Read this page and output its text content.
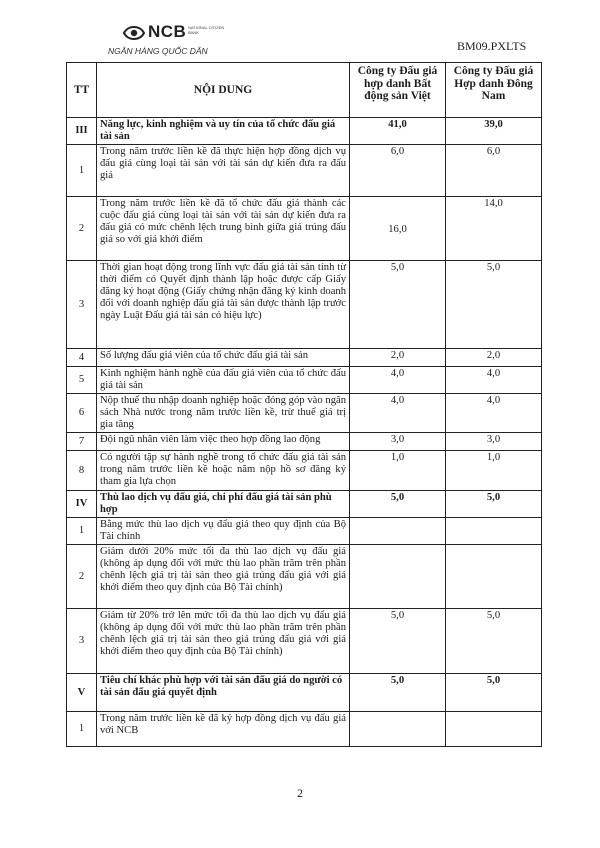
NCB NATIONAL CITIZEN BANK
NGÂN HÀNG QUỐC DÂN	BM09.PXLTS
TT	NỘI DUNG	Công ty Đấu giá hợp danh Bất động sản Việt	Công ty Đấu giá Hợp danh Đông Nam
III	Năng lực, kinh nghiệm và uy tín của tổ chức đấu giá tài sản	41,0	39,0
1	Trong năm trước liền kề đã thực hiện hợp đồng dịch vụ đấu giá cùng loại tài sản với tài sản dự kiến đưa ra đấu giá	6,0	6,0
2	Trong năm trước liền kề đã tổ chức đấu giá thành các cuộc đấu giá cùng loại tài sản với tài sản dự kiến đưa ra đấu giá có mức chênh lệch trung bình giữa giá trúng đấu giá so với giá khởi điểm	16,0	14,0
3	Thời gian hoạt động trong lĩnh vực đấu giá tài sản tính từ thời điểm có Quyết định thành lập hoặc được cấp Giấy đăng ký hoạt động (Giấy chứng nhận đăng ký kinh doanh đối với doanh nghiệp đấu giá tài sản được thành lập trước ngày Luật Đấu giá tài sản có hiệu lực)	5,0	5,0
4	Số lượng đấu giá viên của tổ chức đấu giá tài sản	2,0	2,0
5	Kinh nghiệm hành nghề của đấu giá viên của tổ chức đấu giá tài sản	4,0	4,0
6	Nộp thuế thu nhập doanh nghiệp hoặc đóng góp vào ngân sách Nhà nước trong năm trước liền kề, trừ thuế giá trị gia tăng	4,0	4,0
7	Đội ngũ nhân viên làm việc theo hợp đồng lao động	3,0	3,0
8	Có người tập sự hành nghề trong tổ chức đấu giá tài sản trong năm trước liền kề hoặc năm nộp hồ sơ đăng ký tham gia lựa chọn	1,0	1,0
IV	Thù lao dịch vụ đấu giá, chi phí đấu giá tài sản phù hợp	5,0	5,0
1	Bằng mức thù lao dịch vụ đấu giá theo quy định của Bộ Tài chính		
2	Giảm dưới 20% mức tối đa thù lao dịch vụ đấu giá (không áp dụng đối với mức thù lao phần trăm trên phần chênh lệch giá trị tài sản theo giá trúng đấu giá với giá khởi điểm theo quy định của Bộ Tài chính)		
3	Giảm từ 20% trở lên mức tối đa thù lao dịch vụ đấu giá (không áp dụng đối với mức thù lao phần trăm trên phần chênh lệch giá trị tài sản theo giá trúng đấu giá với giá khởi điểm theo quy định của Bộ Tài chính)	5,0	5,0
V	Tiêu chí khác phù hợp với tài sản đấu giá do người có tài sản đấu giá quyết định	5,0	5,0
1	Trong năm trước liền kề đã ký hợp đồng dịch vụ đấu giá với NCB		
2
